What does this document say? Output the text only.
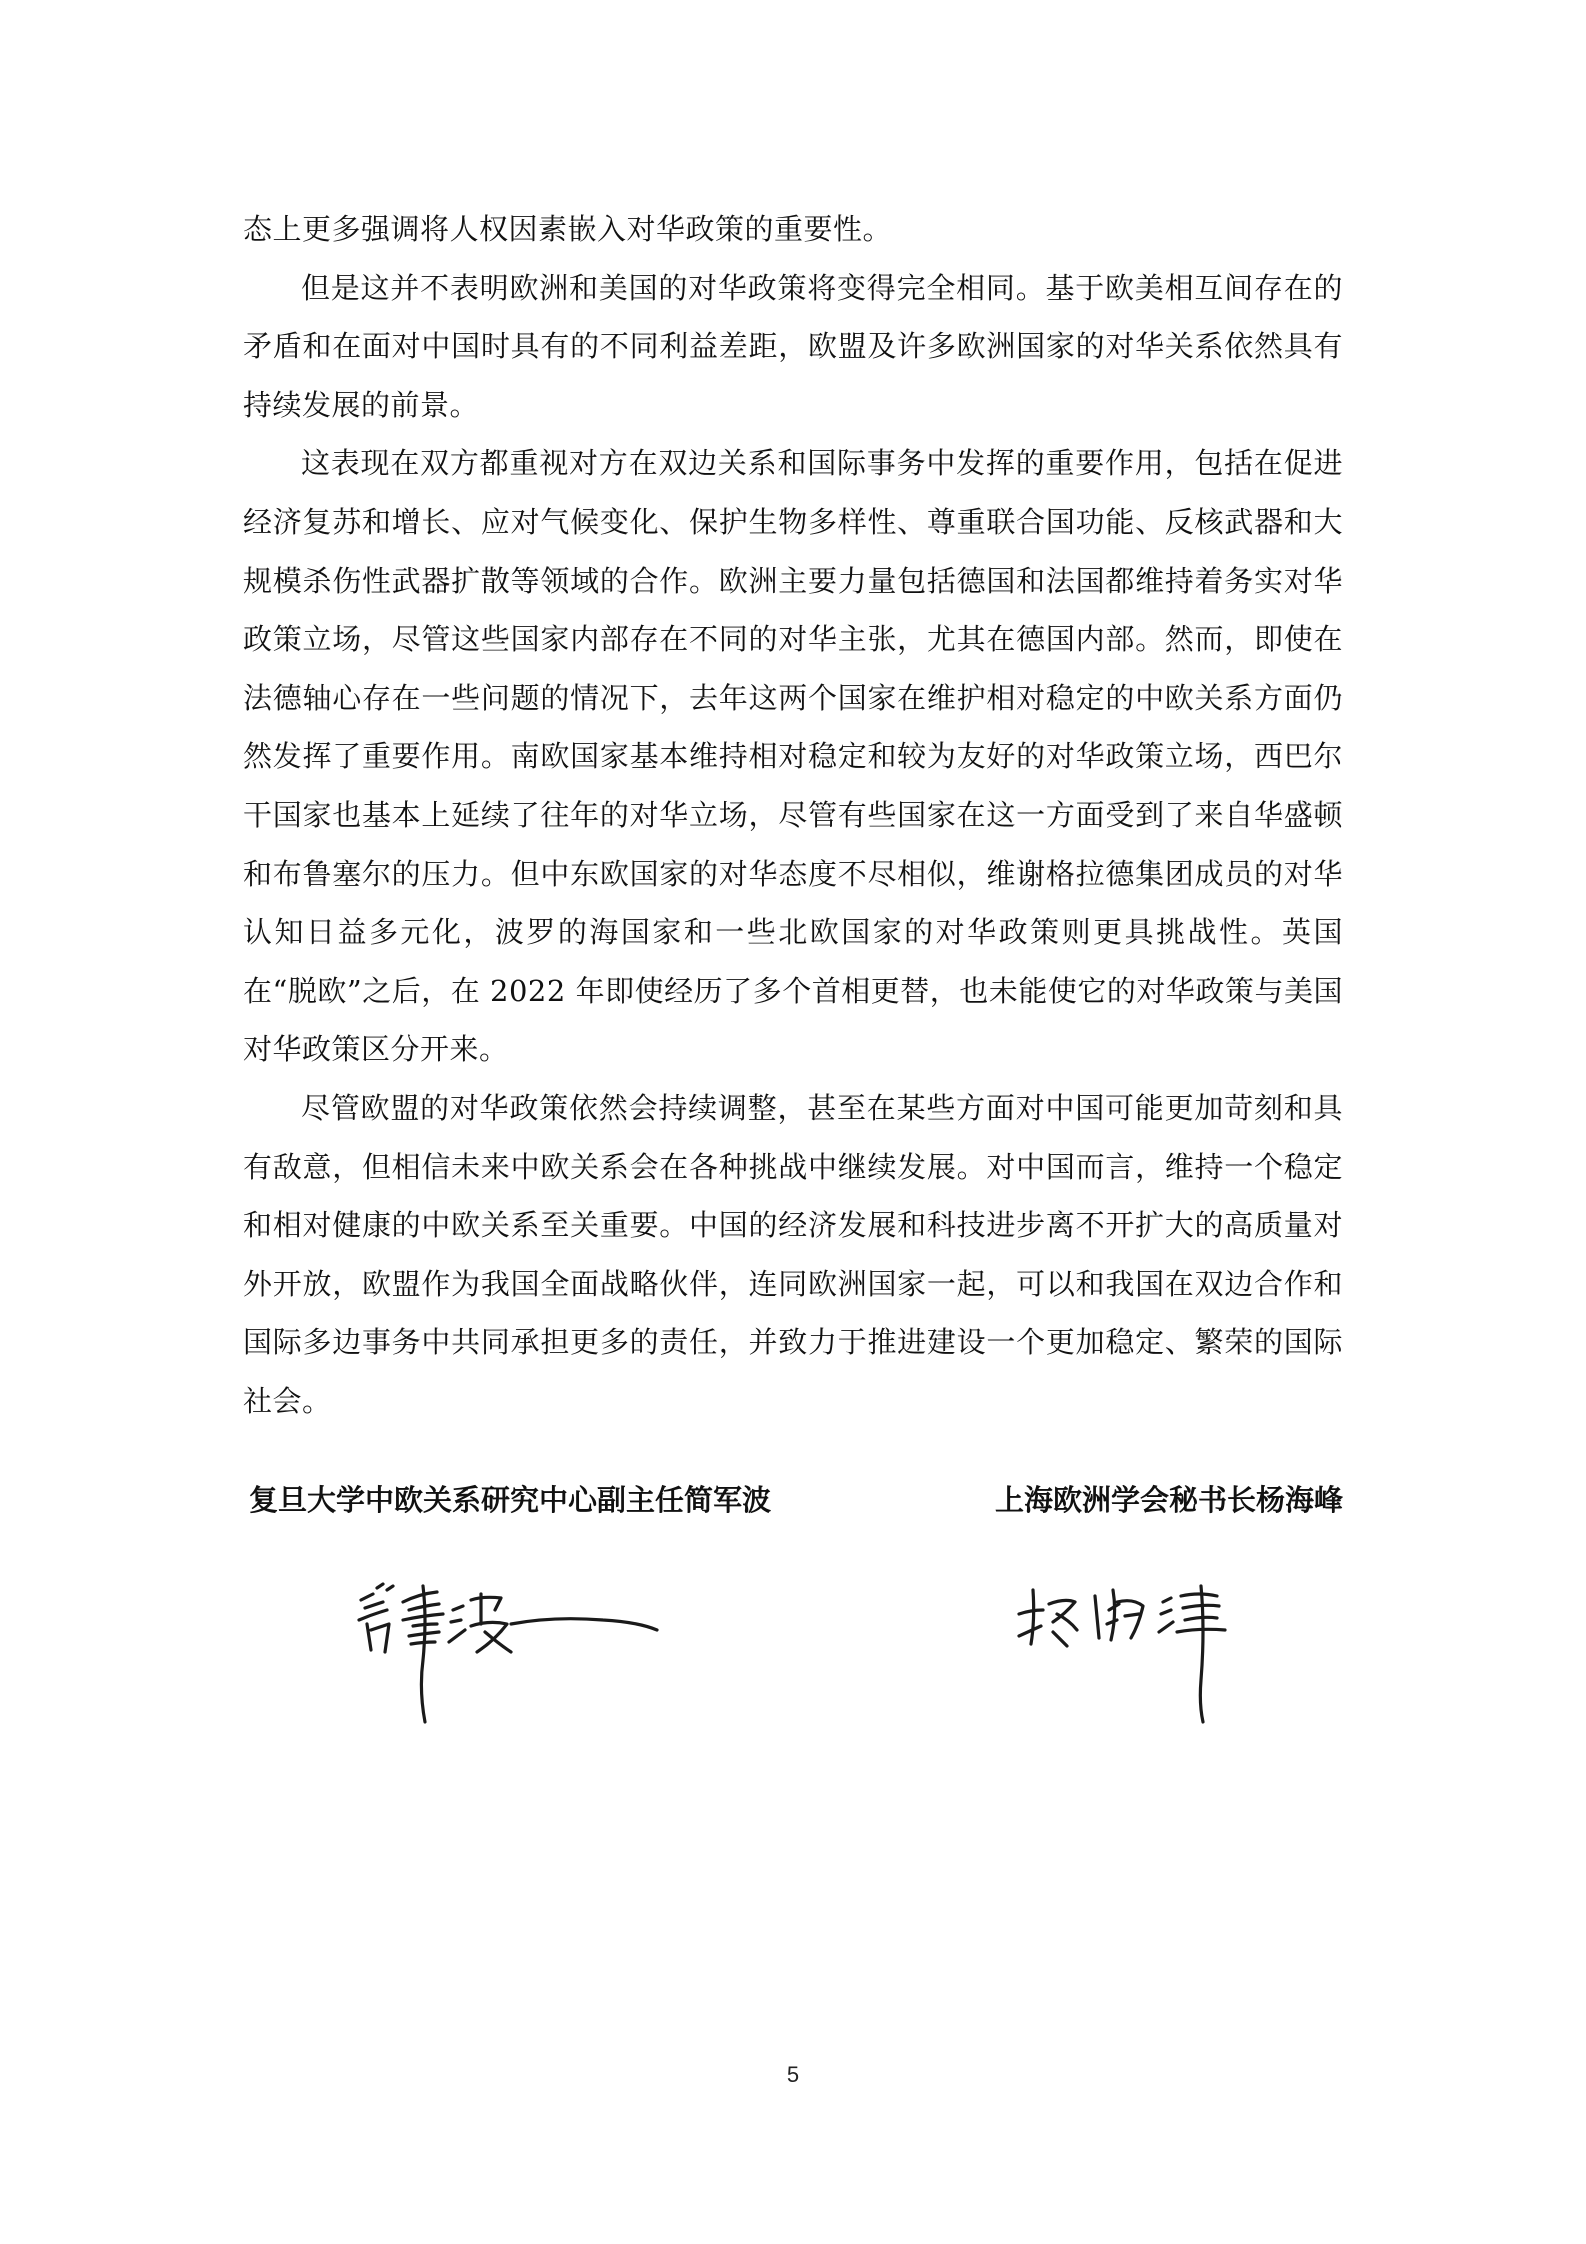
态上更多强调将人权因素嵌入对华政策的重要性。

但是这并不表明欧洲和美国的对华政策将变得完全相同。基于欧美相互间存在的矛盾和在面对中国时具有的不同利益差距，欧盟及许多欧洲国家的对华关系依然具有持续发展的前景。

这表现在双方都重视对方在双边关系和国际事务中发挥的重要作用，包括在促进经济复苏和增长、应对气候变化、保护生物多样性、尊重联合国功能、反核武器和大规模杀伤性武器扩散等领域的合作。欧洲主要力量包括德国和法国都维持着务实对华政策立场，尽管这些国家内部存在不同的对华主张，尤其在德国内部。然而，即使在法德轴心存在一些问题的情况下，去年这两个国家在维护相对稳定的中欧关系方面仍然发挥了重要作用。南欧国家基本维持相对稳定和较为友好的对华政策立场，西巴尔干国家也基本上延续了往年的对华立场，尽管有些国家在这一方面受到了来自华盛顿和布鲁塞尔的压力。但中东欧国家的对华态度不尽相似，维谢格拉德集团成员的对华认知日益多元化，波罗的海国家和一些北欧国家的对华政策则更具挑战性。英国在“脱欧”之后，在 2022 年即使经历了多个首相更替，也未能使它的对华政策与美国对华政策区分开来。

尽管欧盟的对华政策依然会持续调整，甚至在某些方面对中国可能更加苛刻和具有敌意，但相信未来中欧关系会在各种挑战中继续发展。对中国而言，维持一个稳定和相对健康的中欧关系至关重要。中国的经济发展和科技进步离不开扩大的高质量对外开放，欧盟作为我国全面战略伙伴，连同欧洲国家一起，可以和我国在双边合作和国际多边事务中共同承担更多的责任，并致力于推进建设一个更加稳定、繁荣的国际社会。

复旦大学中欧关系研究中心副主任简军波	上海欧洲学会秘书长杨海峰
5
